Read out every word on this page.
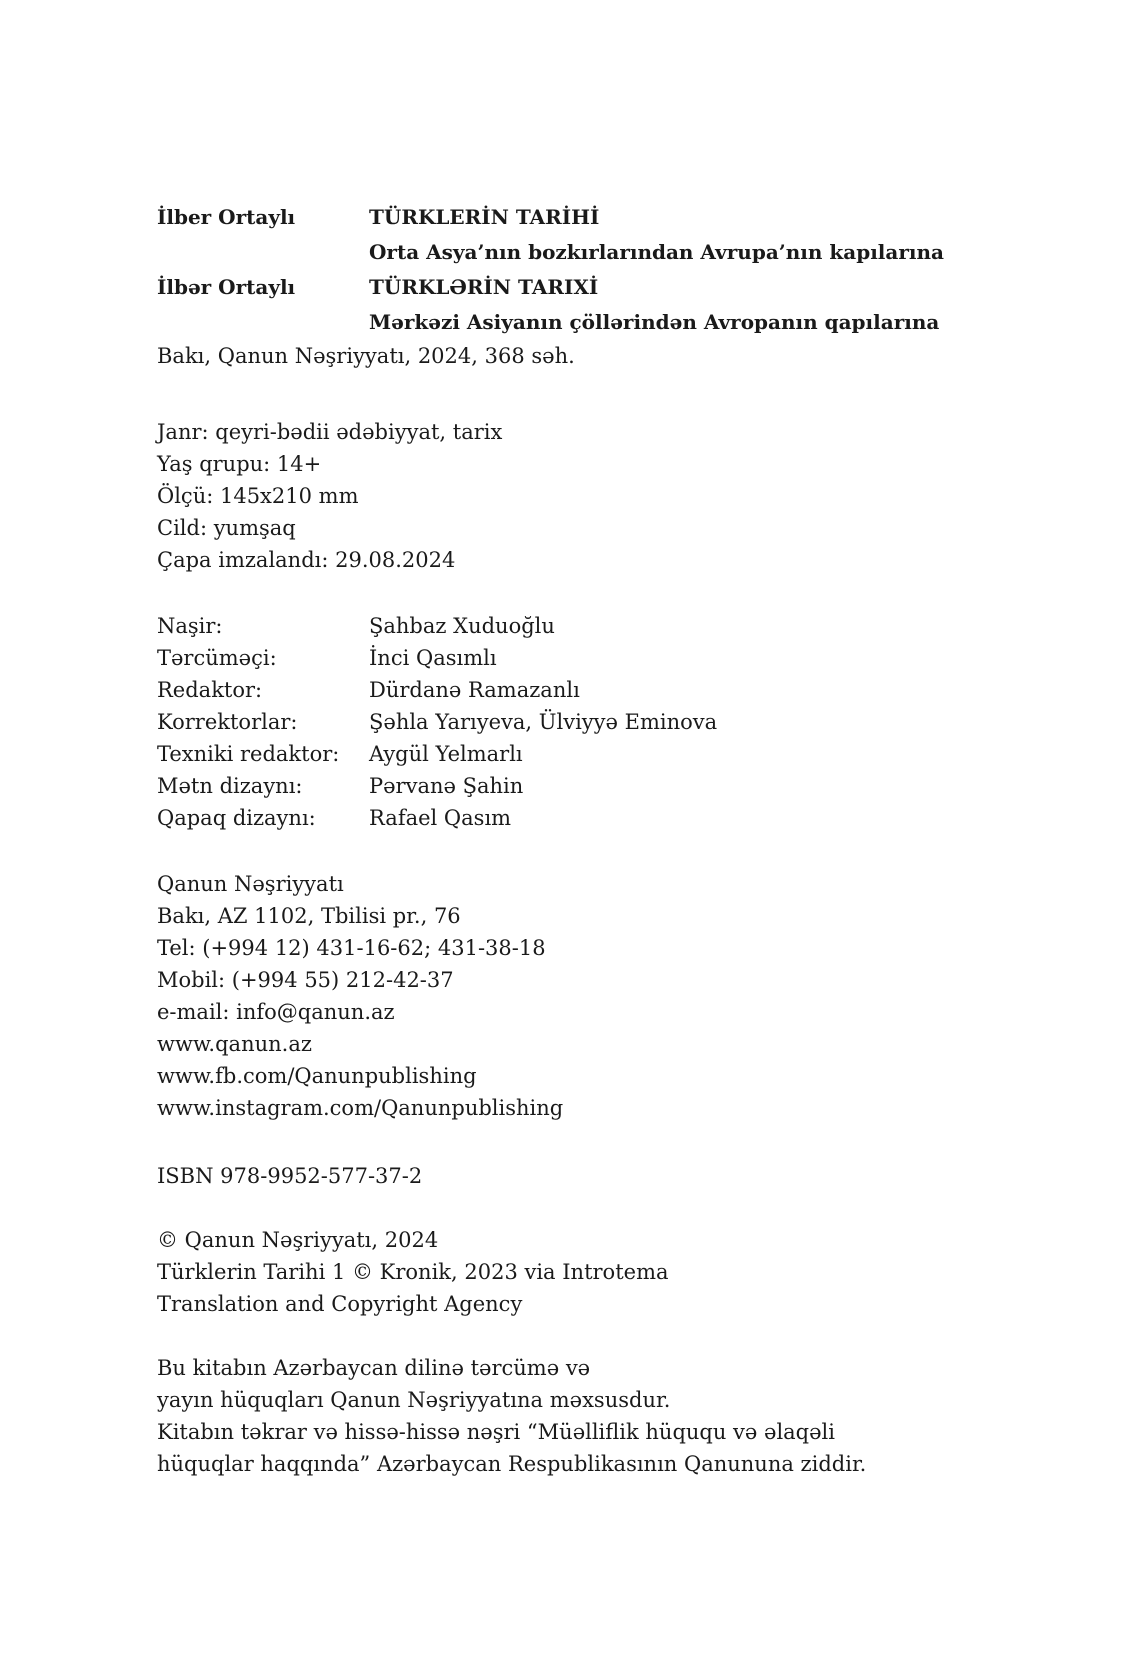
İlber Ortaylı	TÜRKLERİN TARİHİ
Orta Asya’nın bozkırlarından Avrupa’nın kapılarına
İlbər Ortaylı	TÜRKLƏRİN TARIXİ
Mərkəzi Asiyanın çöllərindən Avropanın qapılarına
Bakı, Qanun Nəşriyyatı, 2024, 368 səh.
Janr: qeyri-bədii ədəbiyyat, tarix
Yaş qrupu: 14+
Ölçü: 145x210 mm
Cild: yumşaq
Çapa imzalandı: 29.08.2024
Naşir:	Şahbaz Xuduoğlu
Tərcüməçi:	İnci Qasımlı
Redaktor:	Dürdanə Ramazanlı
Korrektorlar:	Şəhla Yarıyeva, Ülviyyə Eminova
Texniki redaktor:	Aygül Yelmarlı
Mətn dizaynı:	Pərvanə Şahin
Qapaq dizaynı:	Rafael Qasım
Qanun Nəşriyyatı
Bakı, AZ 1102, Tbilisi pr., 76
Tel: (+994 12) 431-16-62; 431-38-18
Mobil: (+994 55) 212-42-37
e-mail: info@qanun.az
www.qanun.az
www.fb.com/Qanunpublishing
www.instagram.com/Qanunpublishing
ISBN 978-9952-577-37-2
© Qanun Nəşriyyatı, 2024
Türklerin Tarihi 1 © Kronik, 2023 via Introtema
Translation and Copyright Agency
Bu kitabın Azərbaycan dilinə tərcümə və
yayın hüquqları Qanun Nəşriyyatına məxsusdur.
Kitabın təkrar və hissə-hissə nəşri “Müəlliflik hüququ və əlaqəli
hüquqlar haqqında” Azərbaycan Respublikasının Qanununa ziddir.
